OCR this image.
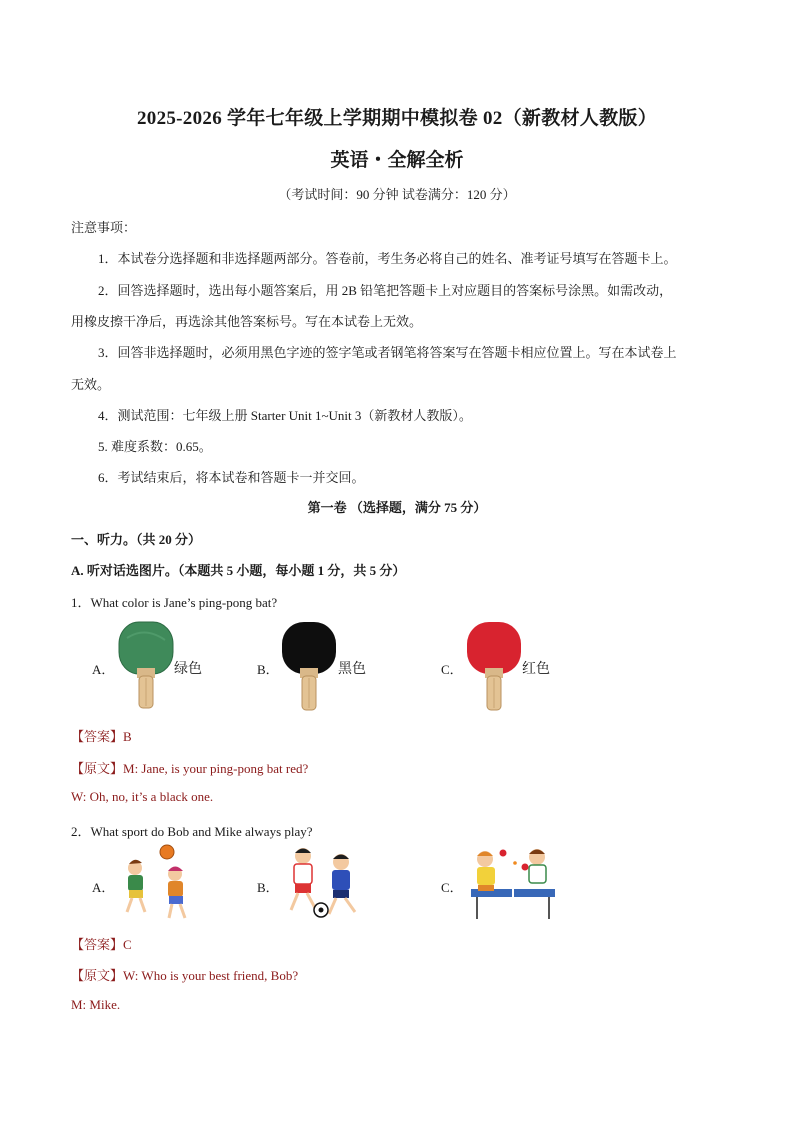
2025-2026 学年七年级上学期期中模拟卷 02（新教材人教版）
英语・全解全析
（考试时间：90 分钟 试卷满分：120 分）
注意事项：
1．本试卷分选择题和非选择题两部分。答卷前，考生务必将自己的姓名、准考证号填写在答题卡上。
2．回答选择题时，选出每小题答案后，用 2B 铅笔把答题卡上对应题目的答案标号涂黑。如需改动，
用橡皮擦干净后，再选涂其他答案标号。写在本试卷上无效。
3．回答非选择题时，必须用黑色字迹的签字笔或者钢笔将答案写在答题卡相应位置上。写在本试卷上
无效。
4．测试范围：七年级上册 Starter Unit 1~Unit 3（新教材人教版）。
5. 难度系数：0.65。
6．考试结束后，将本试卷和答题卡一并交回。
第一卷 （选择题，满分 75 分）
一、听力。（共 20 分）
A. 听对话选图片。（本题共 5 小题，每小题 1 分，共 5 分）
1．What color is Jane’s ping-pong bat?
A．	绿色	B．	黑色	C．	红色
【答案】B
【原文】M: Jane, is your ping-pong bat red?
W: Oh, no, it’s a black one.
2．What sport do Bob and Mike always play?
A．	B．	C．
【答案】C
【原文】W: Who is your best friend, Bob?
M: Mike.
